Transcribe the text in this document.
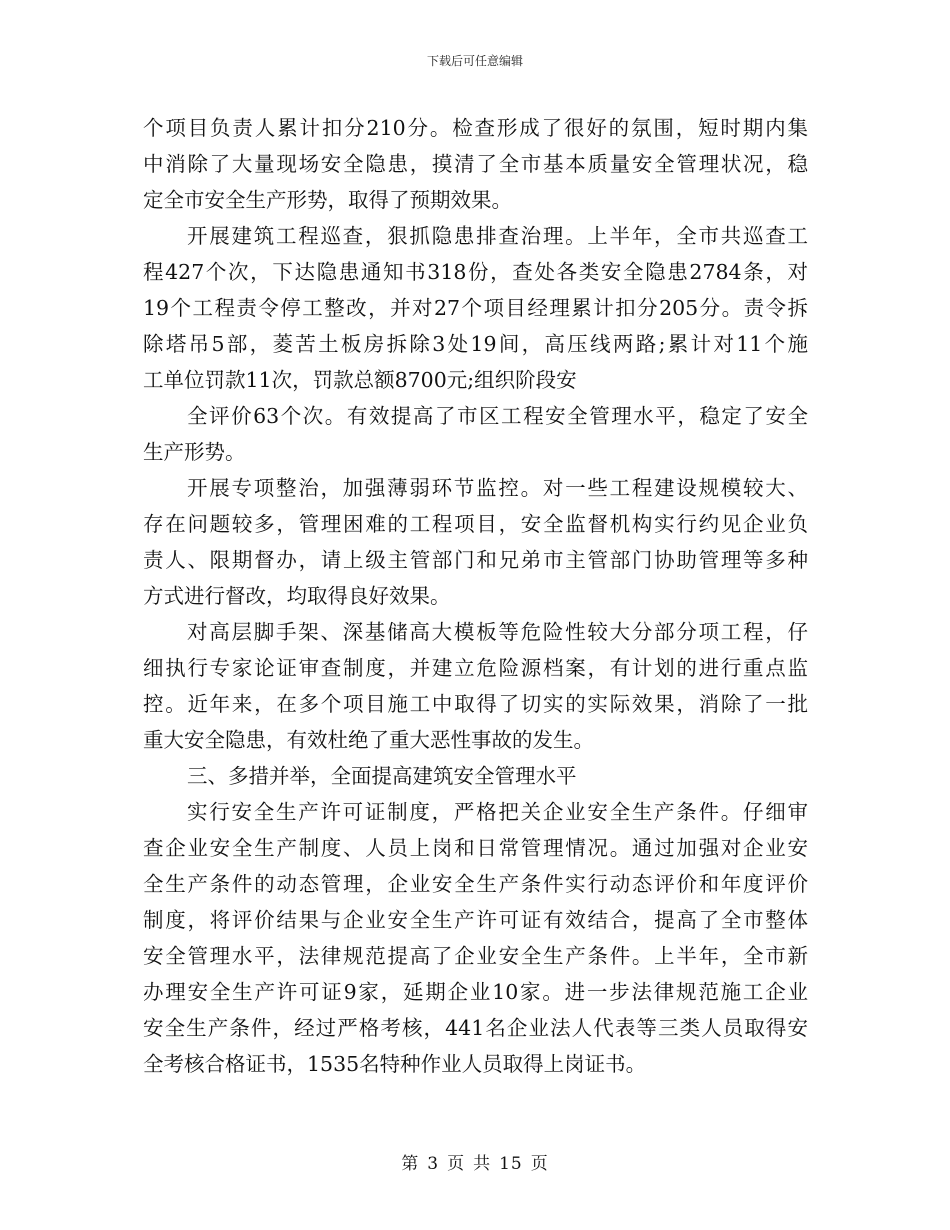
下载后可任意编辑
个项目负责人累计扣分210分。检查形成了很好的氛围，短时期内集
中消除了大量现场安全隐患，摸清了全市基本质量安全管理状况，稳
定全市安全生产形势，取得了预期效果。
开展建筑工程巡查，狠抓隐患排查治理。上半年，全市共巡查工
程427个次，下达隐患通知书318份，查处各类安全隐患2784条，对
19个工程责令停工整改，并对27个项目经理累计扣分205分。责令拆
除塔吊5部，菱苦土板房拆除3处19间，高压线两路;累计对11个施
工单位罚款11次，罚款总额8700元;组织阶段安
全评价63个次。有效提高了市区工程安全管理水平，稳定了安全
生产形势。
开展专项整治，加强薄弱环节监控。对一些工程建设规模较大、
存在问题较多，管理困难的工程项目，安全监督机构实行约见企业负
责人、限期督办，请上级主管部门和兄弟市主管部门协助管理等多种
方式进行督改，均取得良好效果。
对高层脚手架、深基储高大模板等危险性较大分部分项工程，仔
细执行专家论证审查制度，并建立危险源档案，有计划的进行重点监
控。近年来，在多个项目施工中取得了切实的实际效果，消除了一批
重大安全隐患，有效杜绝了重大恶性事故的发生。
三、多措并举，全面提高建筑安全管理水平
实行安全生产许可证制度，严格把关企业安全生产条件。仔细审
查企业安全生产制度、人员上岗和日常管理情况。通过加强对企业安
全生产条件的动态管理，企业安全生产条件实行动态评价和年度评价
制度，将评价结果与企业安全生产许可证有效结合，提高了全市整体
安全管理水平，法律规范提高了企业安全生产条件。上半年，全市新
办理安全生产许可证9家，延期企业10家。进一步法律规范施工企业
安全生产条件，经过严格考核，441名企业法人代表等三类人员取得安
全考核合格证书，1535名特种作业人员取得上岗证书。
第 3 页 共 15 页
